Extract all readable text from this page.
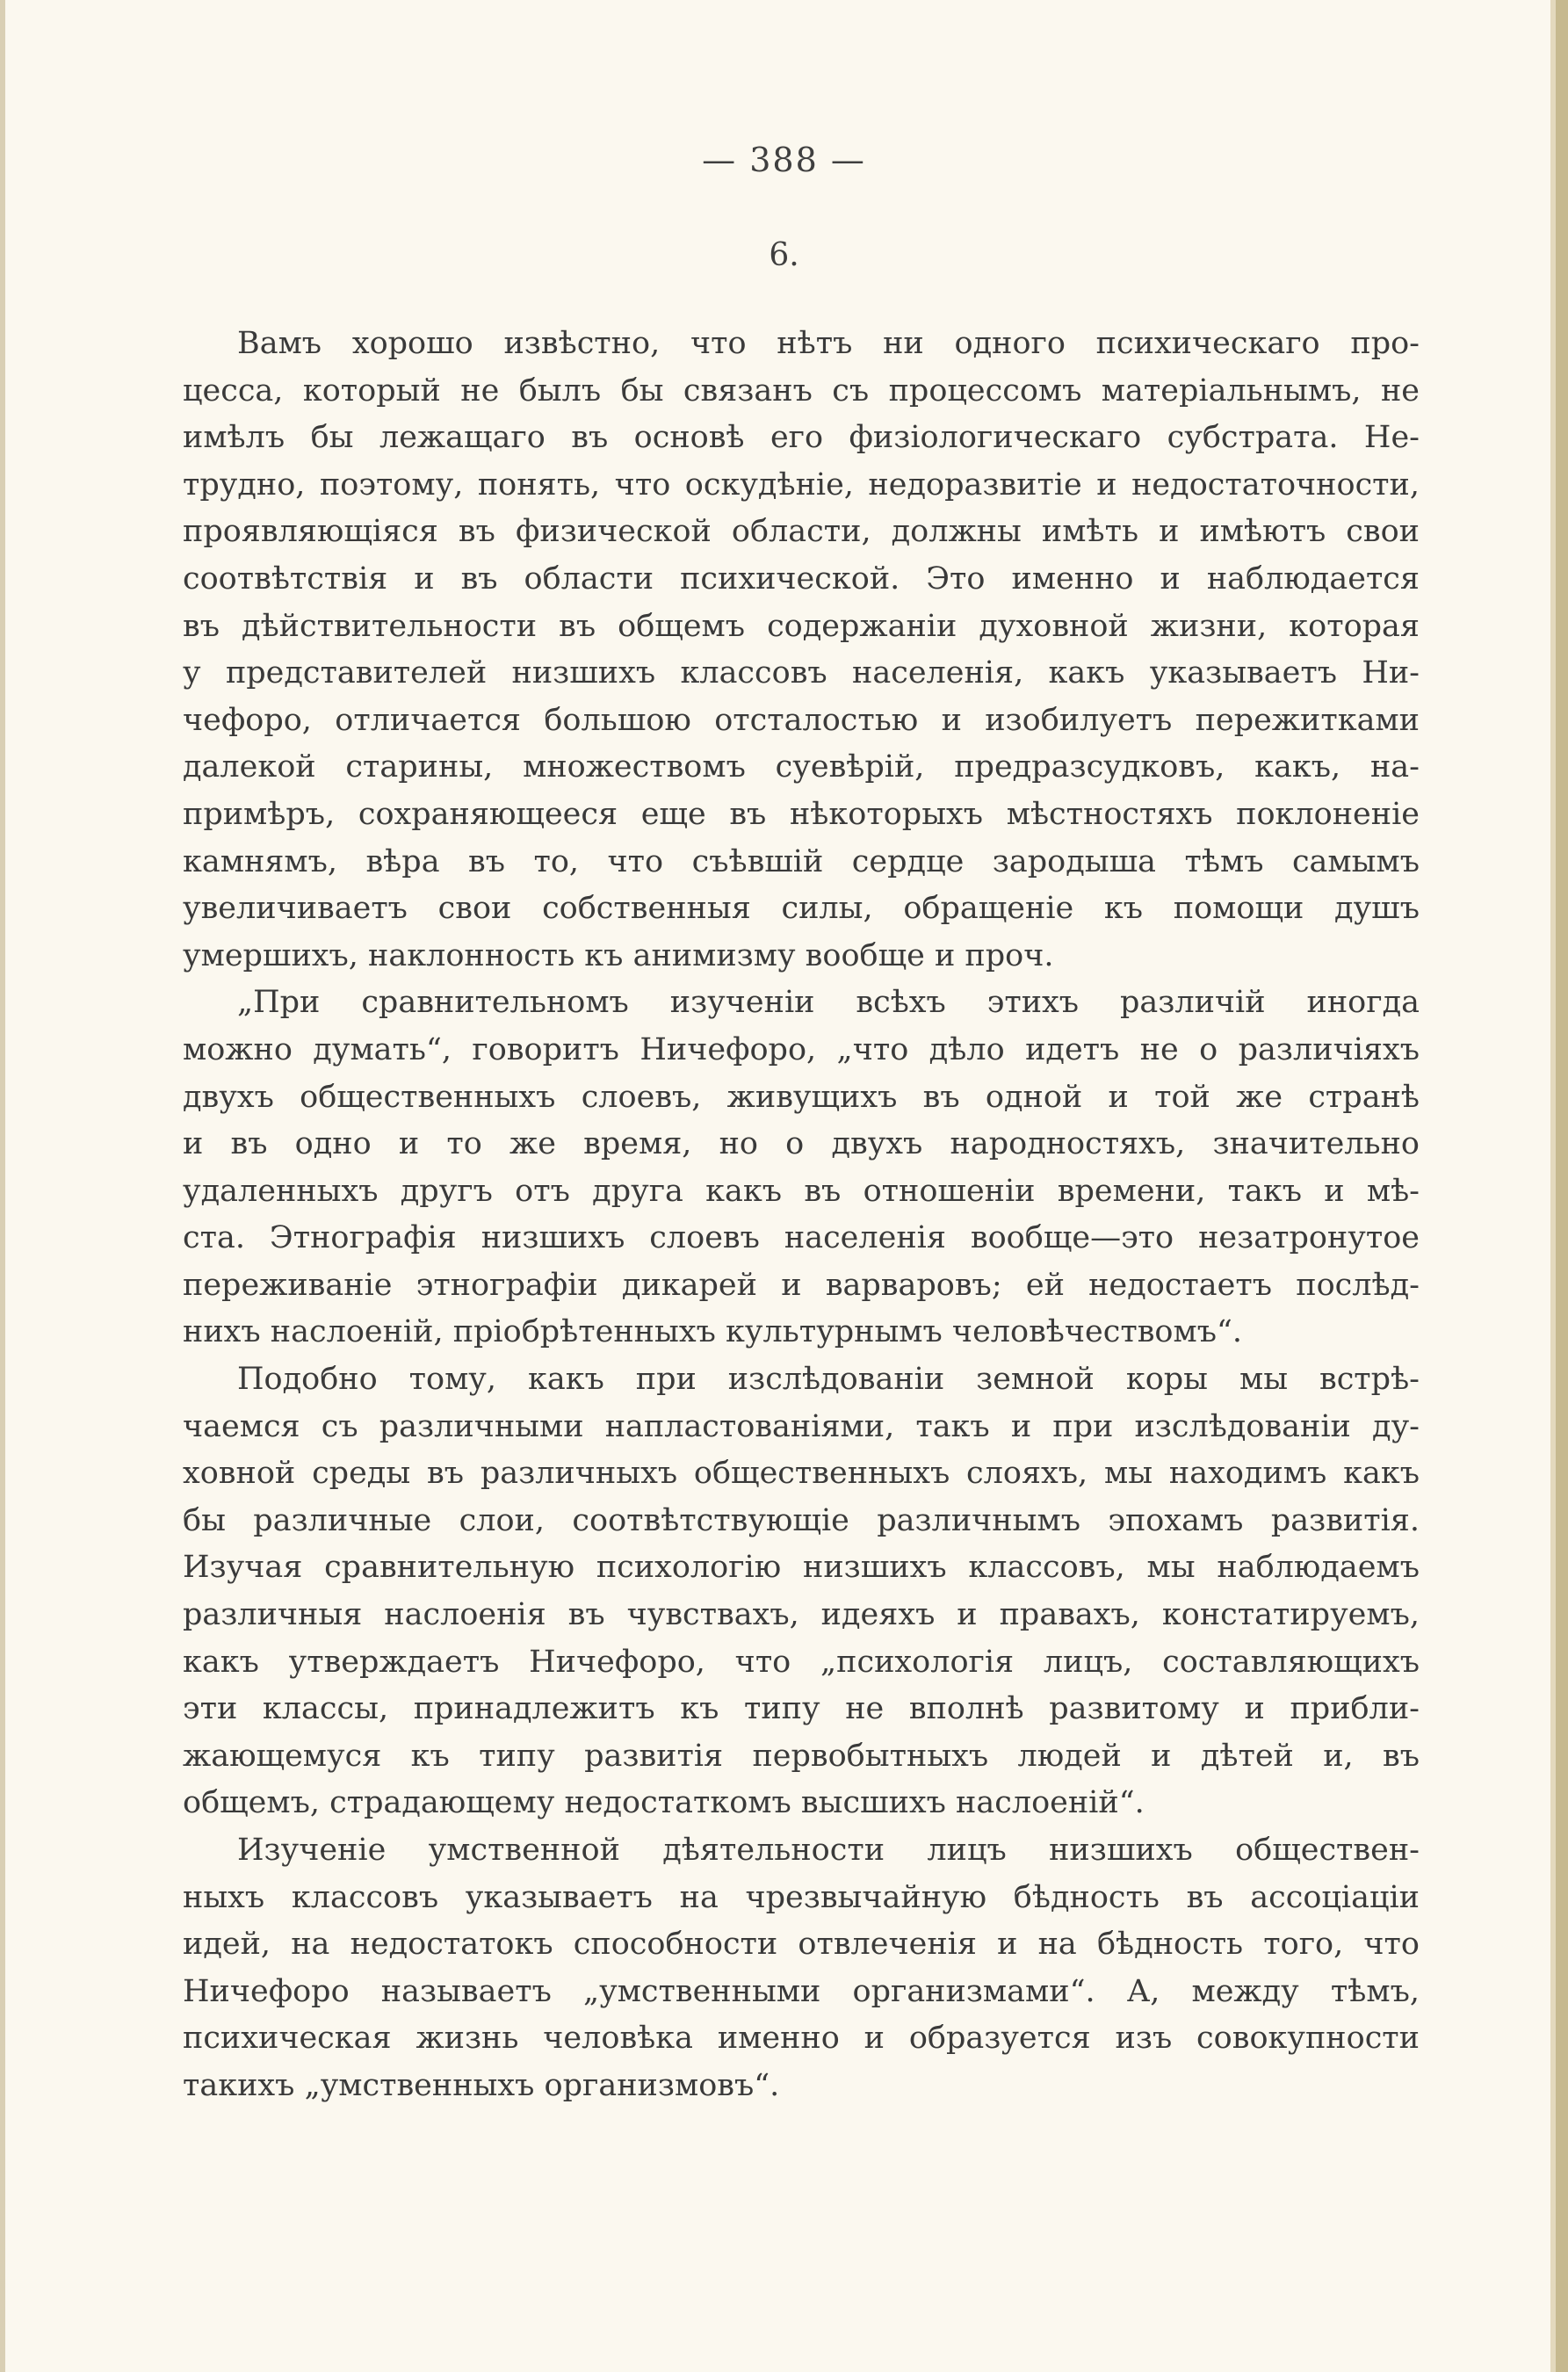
— 388 —
6.
Вамъ хорошо извѣстно, что нѣтъ ни одного психическаго про-
цесса, который не былъ бы связанъ съ процессомъ матеріальнымъ, не
имѣлъ бы лежащаго въ основѣ его физіологическаго субстрата. Не-
трудно, поэтому, понять, что оскудѣніе, недоразвитіе и недостаточности,
проявляющіяся въ физической области, должны имѣть и имѣютъ свои
соотвѣтствія и въ области психической. Это именно и наблюдается
въ дѣйствительности въ общемъ содержаніи духовной жизни, которая
у представителей низшихъ классовъ населенія, какъ указываетъ Ни-
чефоро, отличается большою отсталостью и изобилуетъ пережитками
далекой старины, множествомъ суевѣрій, предразсудковъ, какъ, на-
примѣръ, сохраняющееся еще въ нѣкоторыхъ мѣстностяхъ поклоненіе
камнямъ, вѣра въ то, что съѣвшій сердце зародыша тѣмъ самымъ
увеличиваетъ свои собственныя силы, обращеніе къ помощи душъ
умершихъ, наклонность къ анимизму вообще и проч.
„При сравнительномъ изученіи всѣхъ этихъ различій иногда
можно думать“, говоритъ Ничефоро, „что дѣло идетъ не о различіяхъ
двухъ общественныхъ слоевъ, живущихъ въ одной и той же странѣ
и въ одно и то же время, но о двухъ народностяхъ, значительно
удаленныхъ другъ отъ друга какъ въ отношеніи времени, такъ и мѣ-
ста. Этнографія низшихъ слоевъ населенія вообще—это незатронутое
переживаніе этнографіи дикарей и варваровъ; ей недостаетъ послѣд-
нихъ наслоеній, пріобрѣтенныхъ культурнымъ человѣчествомъ“.
Подобно тому, какъ при изслѣдованіи земной коры мы встрѣ-
чаемся съ различными напластованіями, такъ и при изслѣдованіи ду-
ховной среды въ различныхъ общественныхъ слояхъ, мы находимъ какъ
бы различные слои, соотвѣтствующіе различнымъ эпохамъ развитія.
Изучая сравнительную психологію низшихъ классовъ, мы наблюдаемъ
различныя наслоенія въ чувствахъ, идеяхъ и правахъ, констатируемъ,
какъ утверждаетъ Ничефоро, что „психологія лицъ, составляющихъ
эти классы, принадлежитъ къ типу не вполнѣ развитому и прибли-
жающемуся къ типу развитія первобытныхъ людей и дѣтей и, въ
общемъ, страдающему недостаткомъ высшихъ наслоеній“.
Изученіе умственной дѣятельности лицъ низшихъ обществен-
ныхъ классовъ указываетъ на чрезвычайную бѣдность въ ассоціаціи
идей, на недостатокъ способности отвлеченія и на бѣдность того, что
Ничефоро называетъ „умственными организмами“. А, между тѣмъ,
психическая жизнь человѣка именно и образуется изъ совокупности
такихъ „умственныхъ организмовъ“.
